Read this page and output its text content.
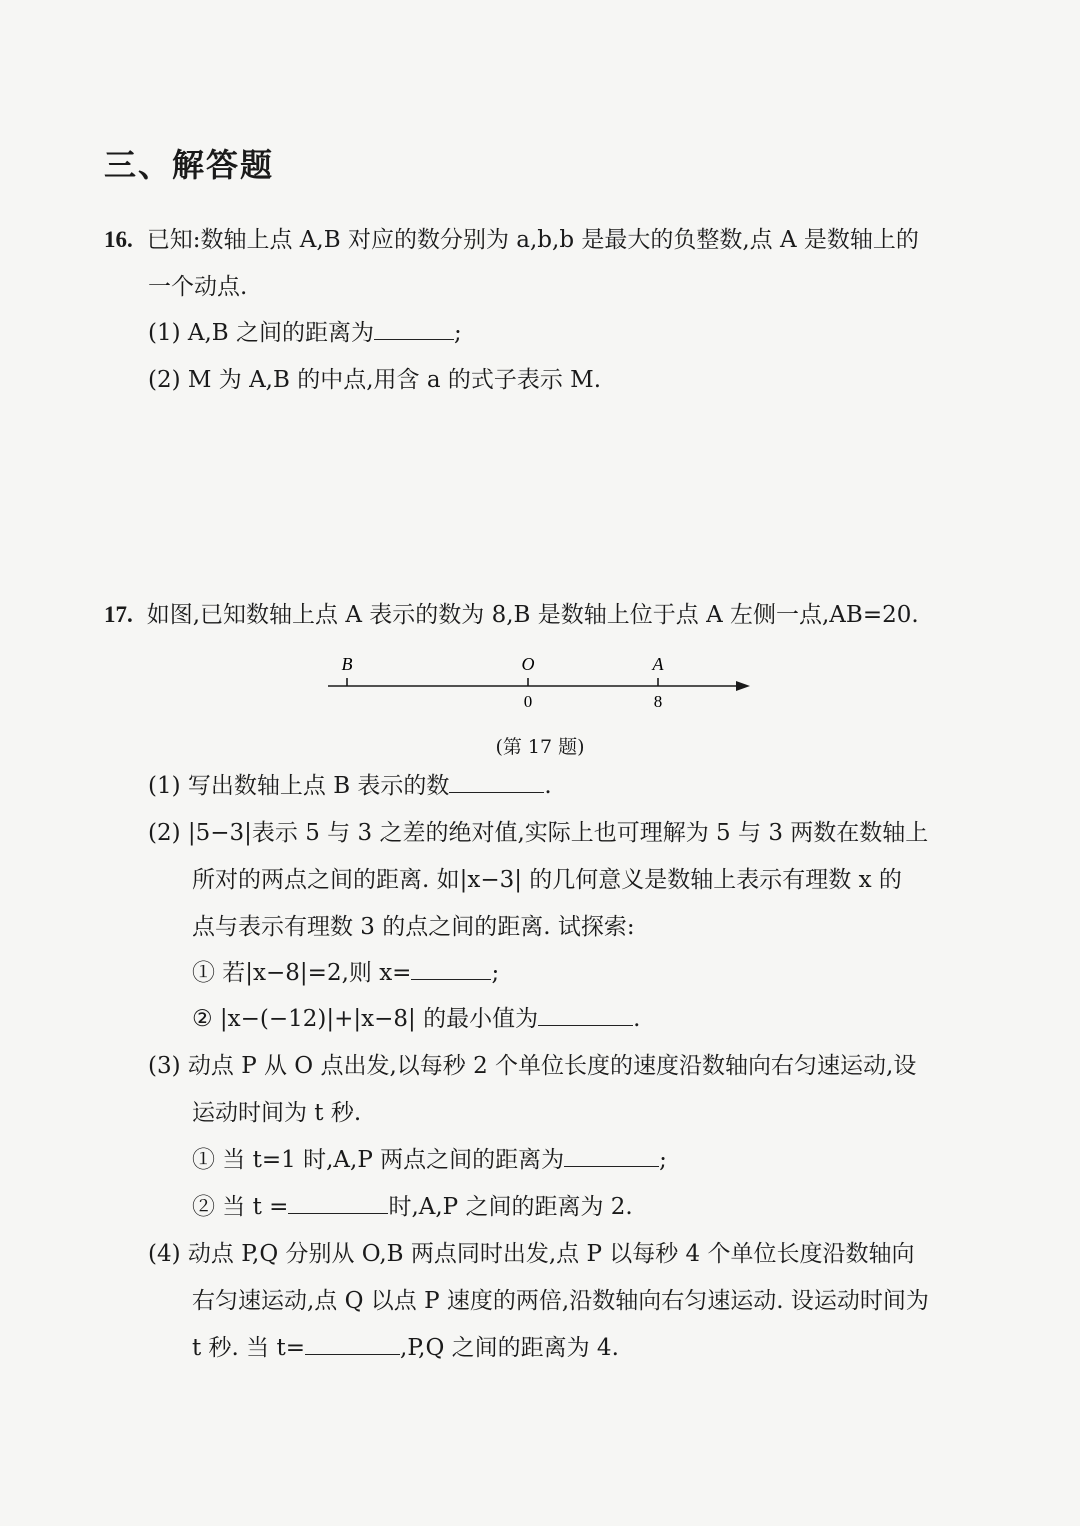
三、解答题
16. 已知:数轴上点 A,B 对应的数分别为 a,b,b 是最大的负整数,点 A 是数轴上的
一个动点.
(1) A,B 之间的距离为	;
(2) M 为 A,B 的中点,用含 a 的式子表示 M.
17. 如图,已知数轴上点 A 表示的数为 8,B 是数轴上位于点 A 左侧一点,AB=20.
B	O	A
0	8
(第 17 题)
(1) 写出数轴上点 B 表示的数	.
(2) |5−3|表示 5 与 3 之差的绝对值,实际上也可理解为 5 与 3 两数在数轴上
所对的两点之间的距离. 如|x−3| 的几何意义是数轴上表示有理数 x 的
点与表示有理数 3 的点之间的距离. 试探索:
① 若|x−8|=2,则 x=	;
② |x−(−12)|+|x−8| 的最小值为	.
(3) 动点 P 从 O 点出发,以每秒 2 个单位长度的速度沿数轴向右匀速运动,设
运动时间为 t 秒.
① 当 t=1 时,A,P 两点之间的距离为	;
② 当 t =	时,A,P 之间的距离为 2.
(4) 动点 P,Q 分别从 O,B 两点同时出发,点 P 以每秒 4 个单位长度沿数轴向
右匀速运动,点 Q 以点 P 速度的两倍,沿数轴向右匀速运动. 设运动时间为
t 秒. 当 t=	,P,Q 之间的距离为 4.
